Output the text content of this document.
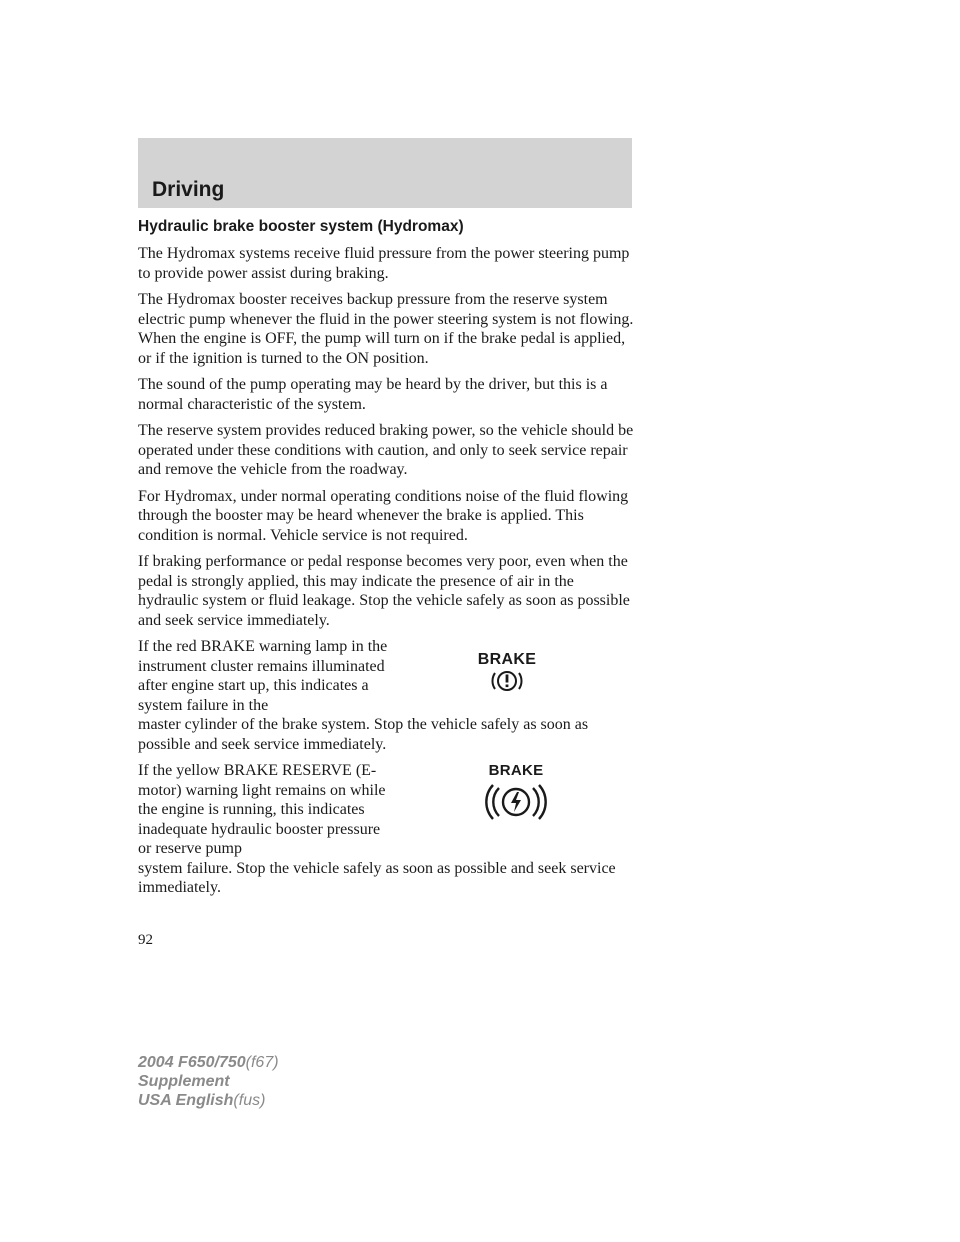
Driving
Hydraulic brake booster system (Hydromax)

The Hydromax systems receive fluid pressure from the power steering pump to provide power assist during braking.

The Hydromax booster receives backup pressure from the reserve system electric pump whenever the fluid in the power steering system is not flowing. When the engine is OFF, the pump will turn on if the brake pedal is applied, or if the ignition is turned to the ON position.

The sound of the pump operating may be heard by the driver, but this is a normal characteristic of the system.

The reserve system provides reduced braking power, so the vehicle should be operated under these conditions with caution, and only to seek service repair and remove the vehicle from the roadway.

For Hydromax, under normal operating conditions noise of the fluid flowing through the booster may be heard whenever the brake is applied. This condition is normal. Vehicle service is not required.

If braking performance or pedal response becomes very poor, even when the pedal is strongly applied, this may indicate the presence of air in the hydraulic system or fluid leakage. Stop the vehicle safely as soon as possible and seek service immediately.

If the red BRAKE warning lamp in the instrument cluster remains illuminated after engine start up, this indicates a system failure in the

master cylinder of the brake system. Stop the vehicle safely as soon as possible and seek service immediately.

BRAKE

If the yellow BRAKE RESERVE (E-motor) warning light remains on while the engine is running, this indicates inadequate hydraulic booster pressure or reserve pump

system failure. Stop the vehicle safely as soon as possible and seek service immediately.

BRAKE

92

2004 F650/750(f67)
Supplement
USA English(fus)
